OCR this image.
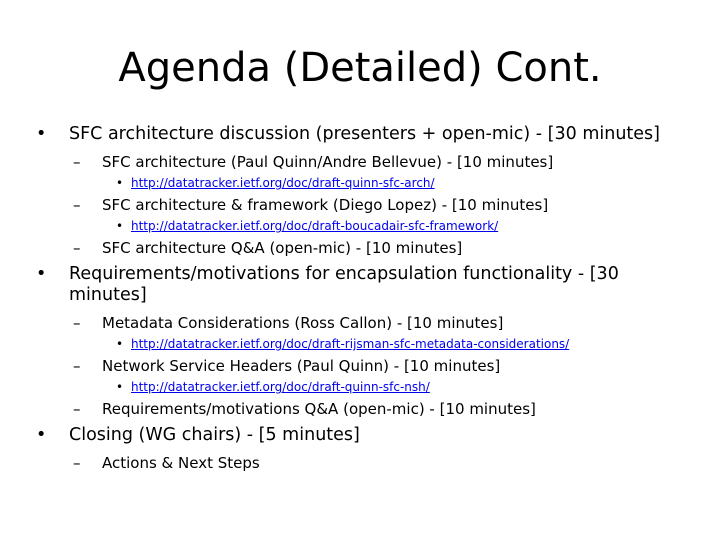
Agenda (Detailed) Cont.
•	SFC architecture discussion (presenters + open-mic) - [30 minutes]
–	SFC architecture (Paul Quinn/Andre Bellevue) - [10 minutes]
• http://datatracker.ietf.org/doc/draft-quinn-sfc-arch/
–	SFC architecture & framework (Diego Lopez) - [10 minutes]
• http://datatracker.ietf.org/doc/draft-boucadair-sfc-framework/
–	SFC architecture Q&A (open-mic) - [10 minutes]
•	Requirements/motivations for encapsulation functionality - [30 minutes]
–	Metadata Considerations (Ross Callon) - [10 minutes]
• http://datatracker.ietf.org/doc/draft-rijsman-sfc-metadata-considerations/
–	Network Service Headers (Paul Quinn) - [10 minutes]
• http://datatracker.ietf.org/doc/draft-quinn-sfc-nsh/
–	Requirements/motivations Q&A (open-mic) - [10 minutes]
•	Closing (WG chairs) - [5 minutes]
–	Actions & Next Steps
